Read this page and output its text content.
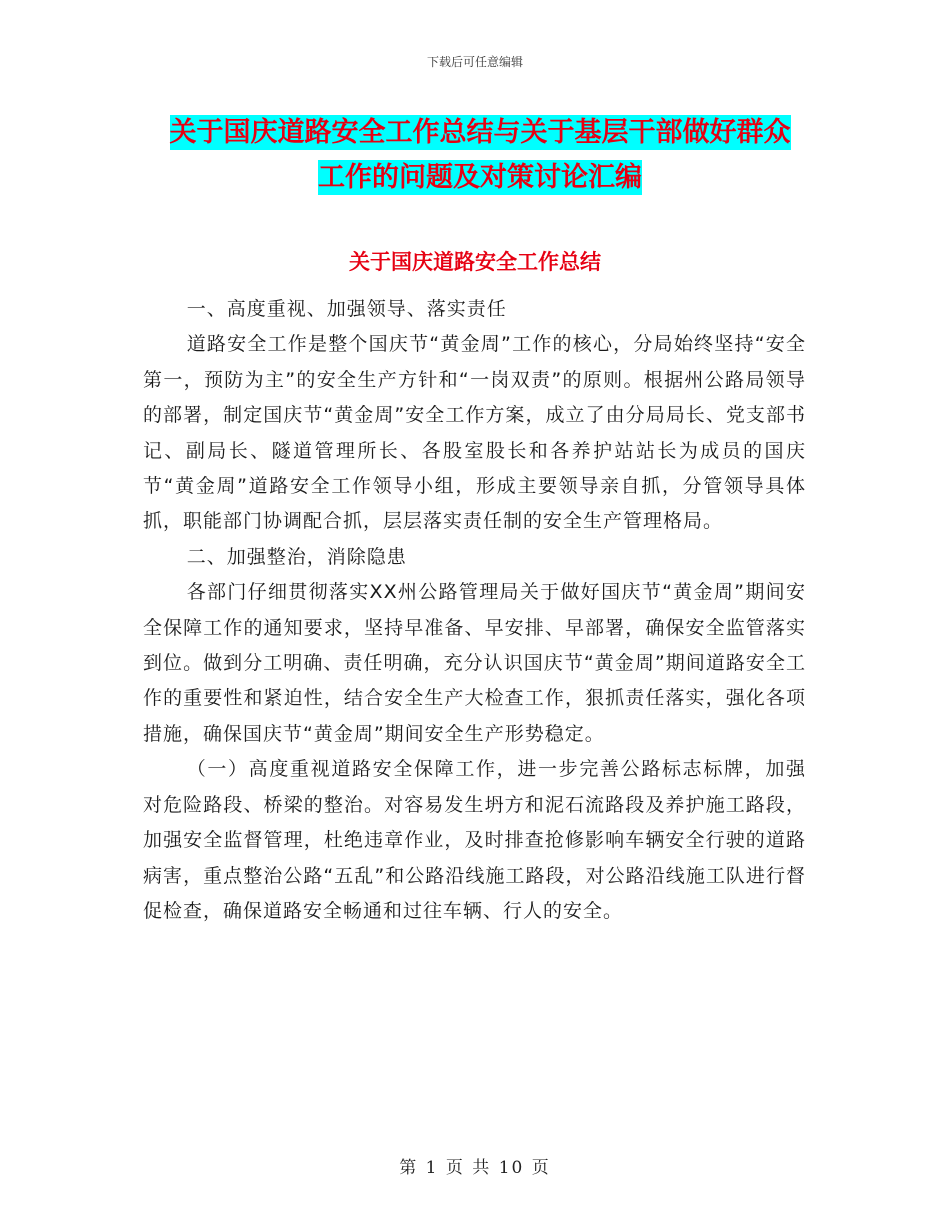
下载后可任意编辑
关于国庆道路安全工作总结与关于基层干部做好群众
工作的问题及对策讨论汇编
关于国庆道路安全工作总结

一、高度重视、加强领导、落实责任

道路安全工作是整个国庆节“黄金周”工作的核心，分局始终坚持“安全第一，预防为主”的安全生产方针和“一岗双责”的原则。根据州公路局领导的部署，制定国庆节“黄金周”安全工作方案，成立了由分局局长、党支部书记、副局长、隧道管理所长、各股室股长和各养护站站长为成员的国庆节“黄金周”道路安全工作领导小组，形成主要领导亲自抓，分管领导具体抓，职能部门协调配合抓，层层落实责任制的安全生产管理格局。

二、加强整治，消除隐患

各部门仔细贯彻落实XX州公路管理局关于做好国庆节“黄金周”期间安全保障工作的通知要求，坚持早准备、早安排、早部署，确保安全监管落实到位。做到分工明确、责任明确，充分认识国庆节“黄金周”期间道路安全工作的重要性和紧迫性，结合安全生产大检查工作，狠抓责任落实，强化各项措施，确保国庆节“黄金周”期间安全生产形势稳定。

（一）高度重视道路安全保障工作，进一步完善公路标志标牌，加强对危险路段、桥梁的整治。对容易发生坍方和泥石流路段及养护施工路段，加强安全监督管理，杜绝违章作业，及时排查抢修影响车辆安全行驶的道路病害，重点整治公路“五乱”和公路沿线施工路段，对公路沿线施工队进行督促检查，确保道路安全畅通和过往车辆、行人的安全。

第 1 页 共 10 页
